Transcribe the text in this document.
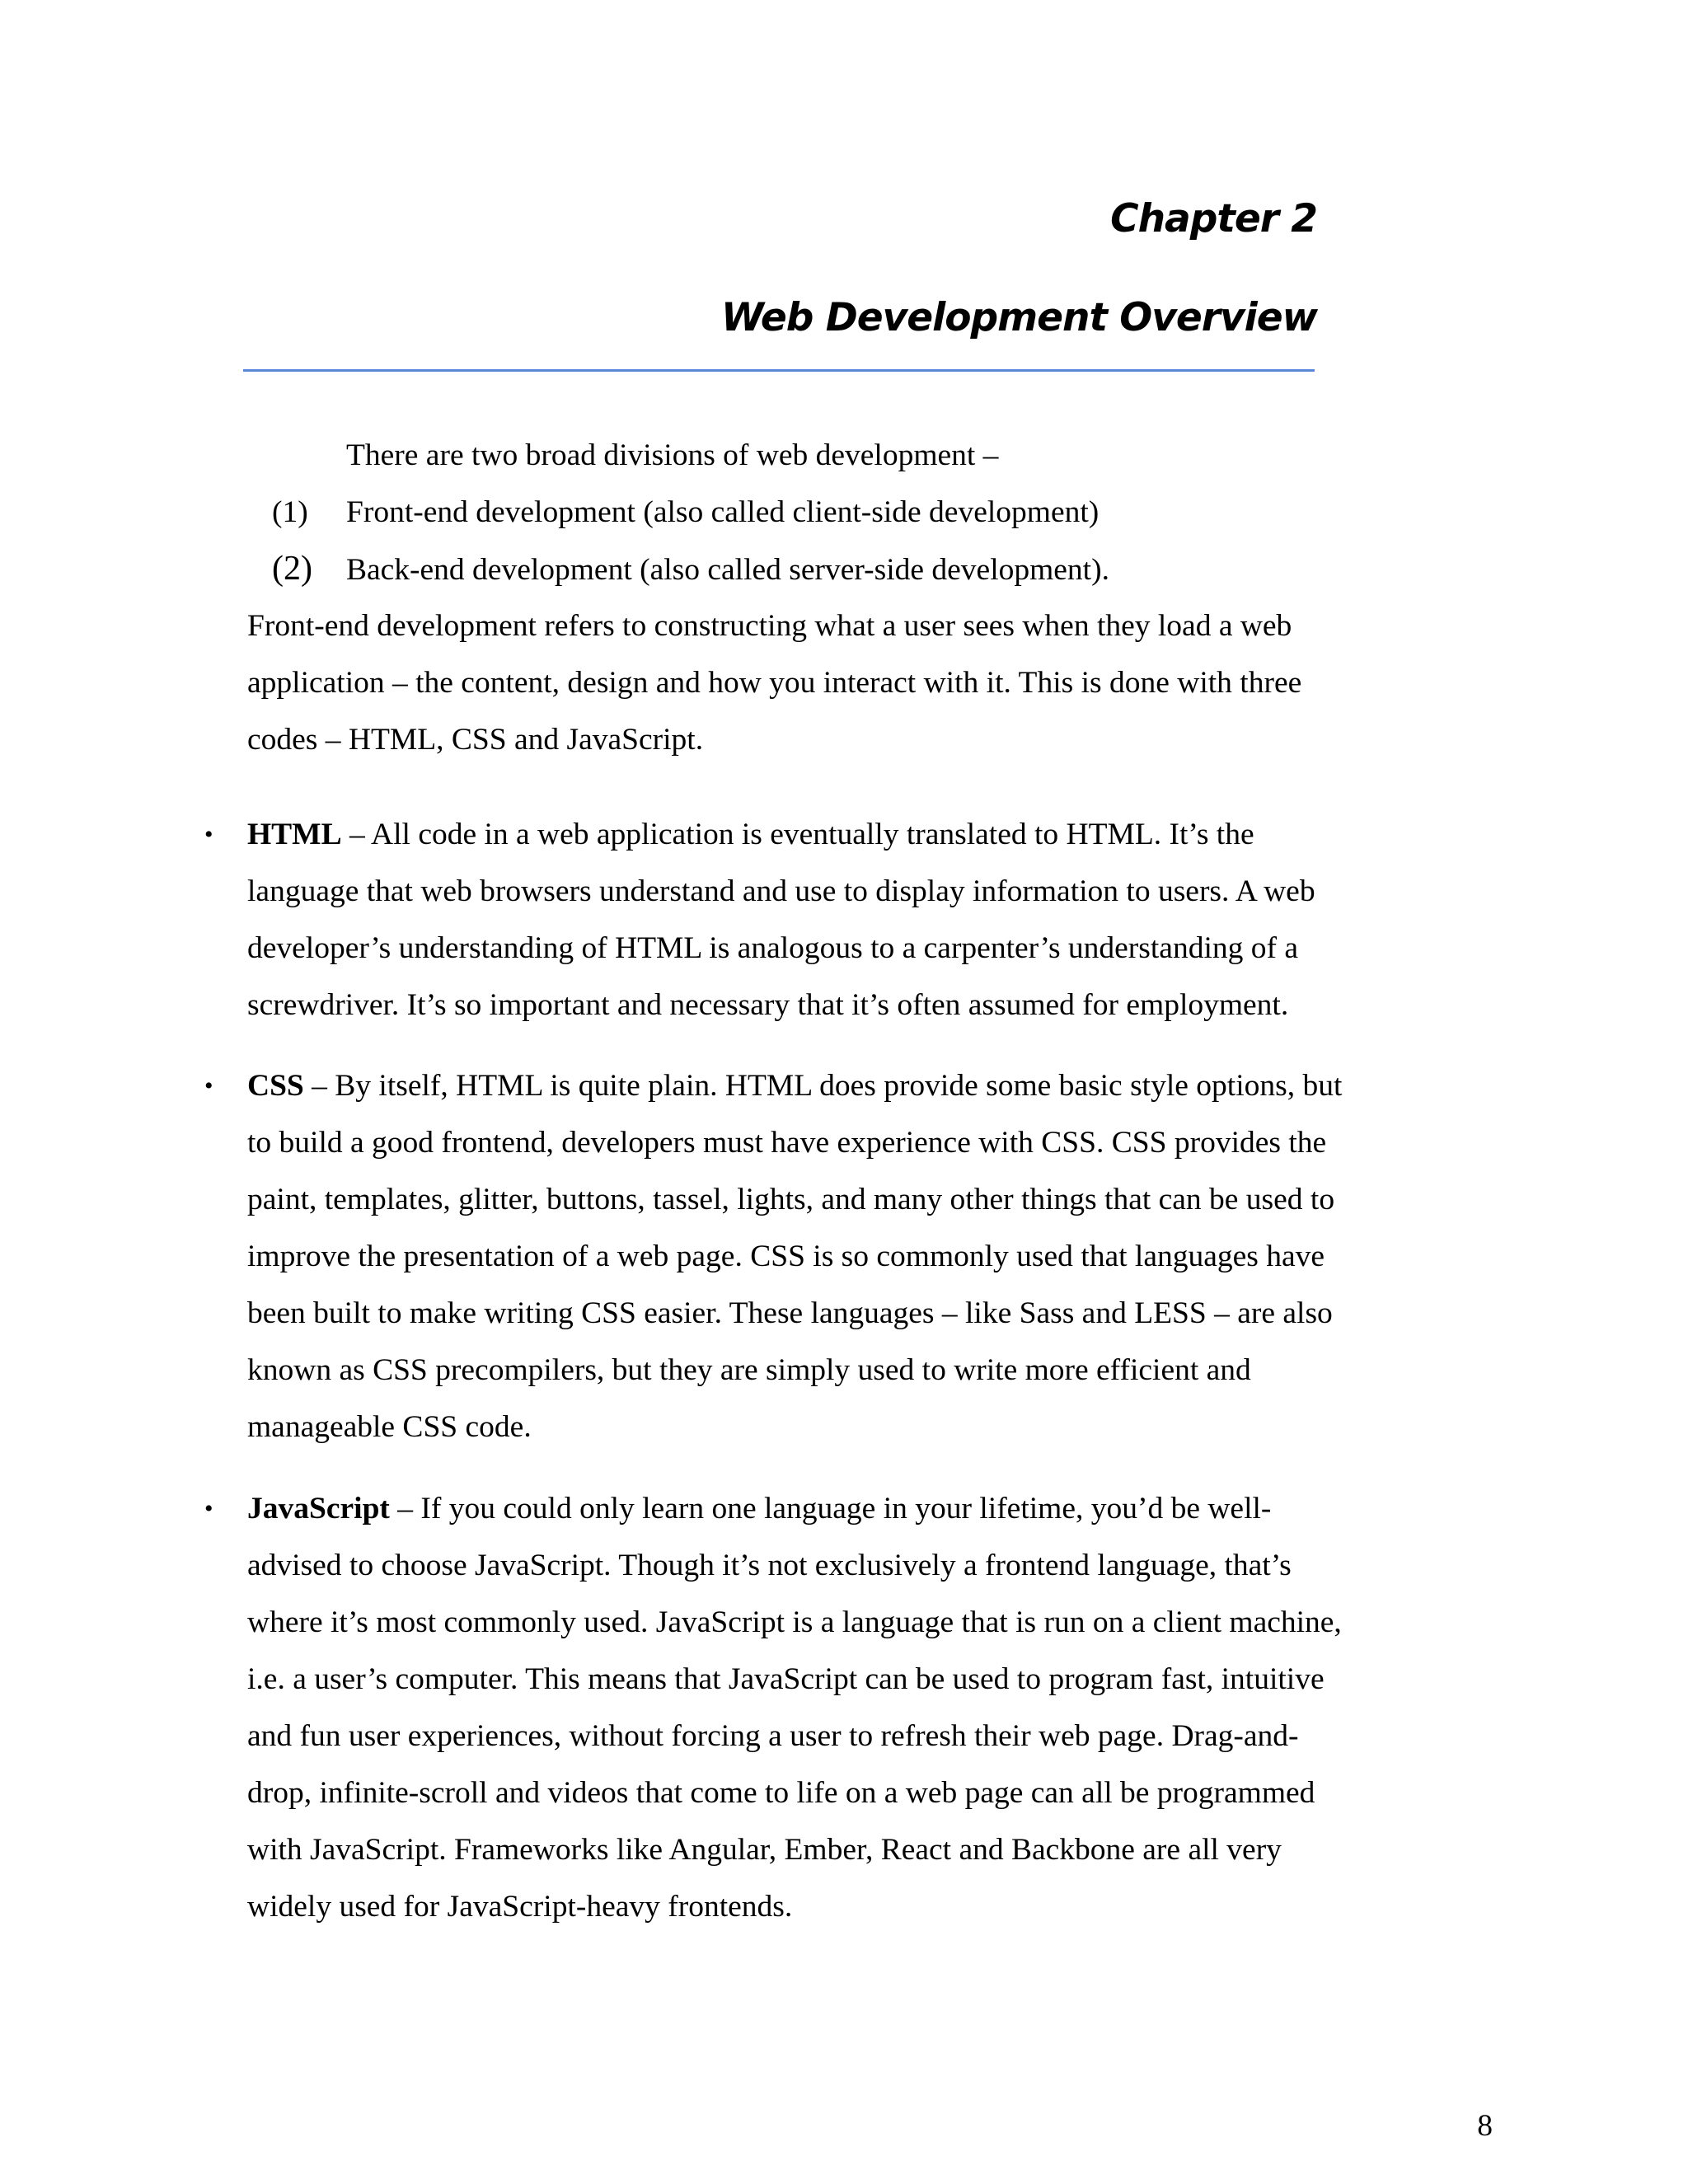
Chapter 2
Web Development Overview
There are two broad divisions of web development –
(1) Front-end development (also called client-side development)
(2) Back-end development (also called server-side development).
Front-end development refers to constructing what a user sees when they load a web
application – the content, design and how you interact with it. This is done with three
codes – HTML, CSS and JavaScript.
• HTML – All code in a web application is eventually translated to HTML. It’s the
language that web browsers understand and use to display information to users. A web
developer’s understanding of HTML is analogous to a carpenter’s understanding of a
screwdriver. It’s so important and necessary that it’s often assumed for employment.
• CSS – By itself, HTML is quite plain. HTML does provide some basic style options, but
to build a good frontend, developers must have experience with CSS. CSS provides the
paint, templates, glitter, buttons, tassel, lights, and many other things that can be used to
improve the presentation of a web page. CSS is so commonly used that languages have
been built to make writing CSS easier. These languages – like Sass and LESS – are also
known as CSS precompilers, but they are simply used to write more efficient and
manageable CSS code.
• JavaScript – If you could only learn one language in your lifetime, you’d be well-
advised to choose JavaScript. Though it’s not exclusively a frontend language, that’s
where it’s most commonly used. JavaScript is a language that is run on a client machine,
i.e. a user’s computer. This means that JavaScript can be used to program fast, intuitive
and fun user experiences, without forcing a user to refresh their web page. Drag-and-
drop, infinite-scroll and videos that come to life on a web page can all be programmed
with JavaScript. Frameworks like Angular, Ember, React and Backbone are all very
widely used for JavaScript-heavy frontends.
8
